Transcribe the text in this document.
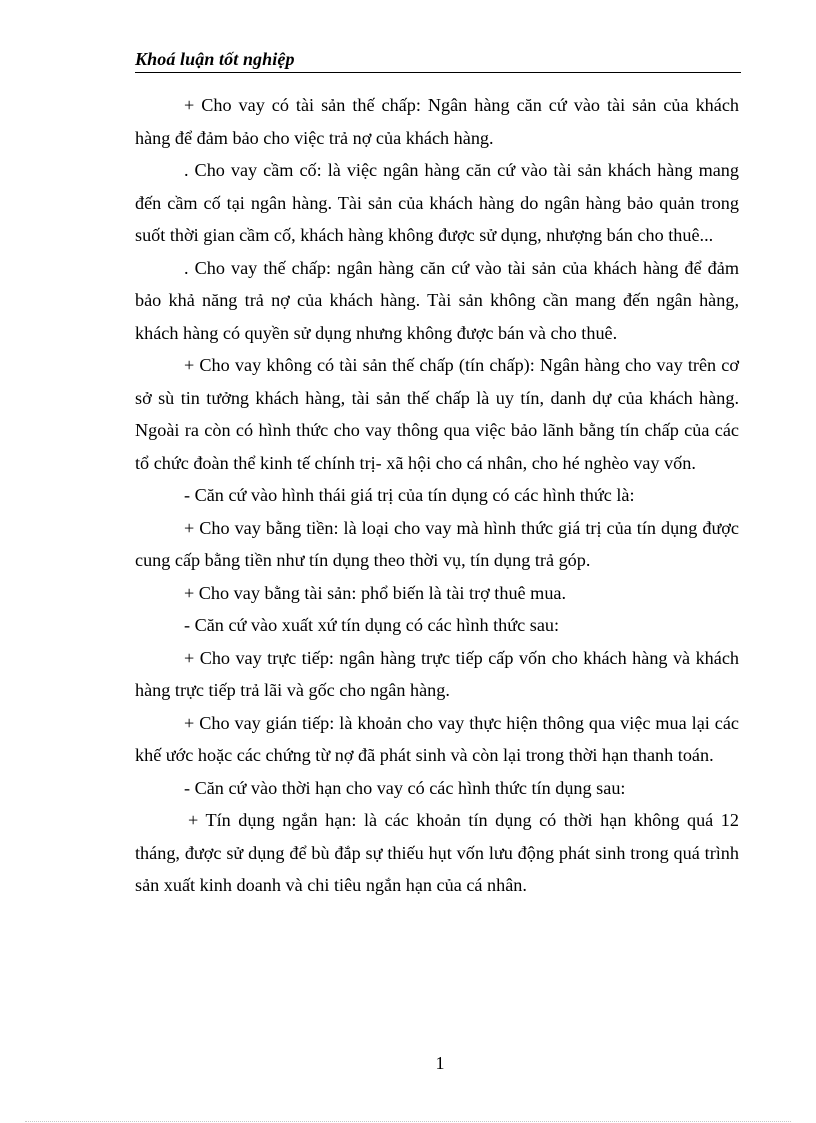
Khoá luận tốt nghiệp

+ Cho vay có tài sản thế chấp: Ngân hàng căn cứ vào tài sản của khách hàng để đảm bảo cho việc trả nợ của khách hàng.

. Cho vay cầm cố: là việc ngân hàng căn cứ vào tài sản khách hàng mang đến cầm cố tại ngân hàng. Tài sản của khách hàng do ngân hàng bảo quản trong suốt thời gian cầm cố, khách hàng không được sử dụng, nhượng bán cho thuê...

. Cho vay thế chấp: ngân hàng căn cứ vào tài sản của khách hàng để đảm bảo khả năng trả nợ của khách hàng. Tài sản không cần mang đến ngân hàng, khách hàng có quyền sử dụng nhưng không được bán và cho thuê.

+ Cho vay không có tài sản thế chấp (tín chấp): Ngân hàng cho vay trên cơ sở sù tin tưởng khách hàng, tài sản thế chấp là uy tín, danh dự của khách hàng. Ngoài ra còn có hình thức cho vay thông qua việc bảo lãnh bằng tín chấp của các tổ chức đoàn thể kinh tế chính trị- xã hội cho cá nhân, cho hé nghèo vay vốn.

- Căn cứ vào hình thái giá trị của tín dụng có các hình thức là:

+ Cho vay bằng tiền: là loại cho vay mà hình thức giá trị của tín dụng được cung cấp bằng tiền như tín dụng theo thời vụ, tín dụng trả góp.

+ Cho vay bằng tài sản: phổ biến là tài trợ thuê mua.

- Căn cứ vào xuất xứ tín dụng có các hình thức sau:

+ Cho vay trực tiếp: ngân hàng trực tiếp cấp vốn cho khách hàng và khách hàng trực tiếp trả lãi và gốc cho ngân hàng.

+ Cho vay gián tiếp: là khoản cho vay thực hiện thông qua việc mua lại các khế ước hoặc các chứng từ nợ đã phát sinh và còn lại trong thời hạn thanh toán.

- Căn cứ vào thời hạn cho vay có các hình thức tín dụng sau:

+ Tín dụng ngắn hạn: là các khoản tín dụng có thời hạn không quá 12 tháng, được sử dụng để bù đắp sự thiếu hụt vốn lưu động phát sinh trong quá trình sản xuất kinh doanh và chi tiêu ngắn hạn của cá nhân.

1
